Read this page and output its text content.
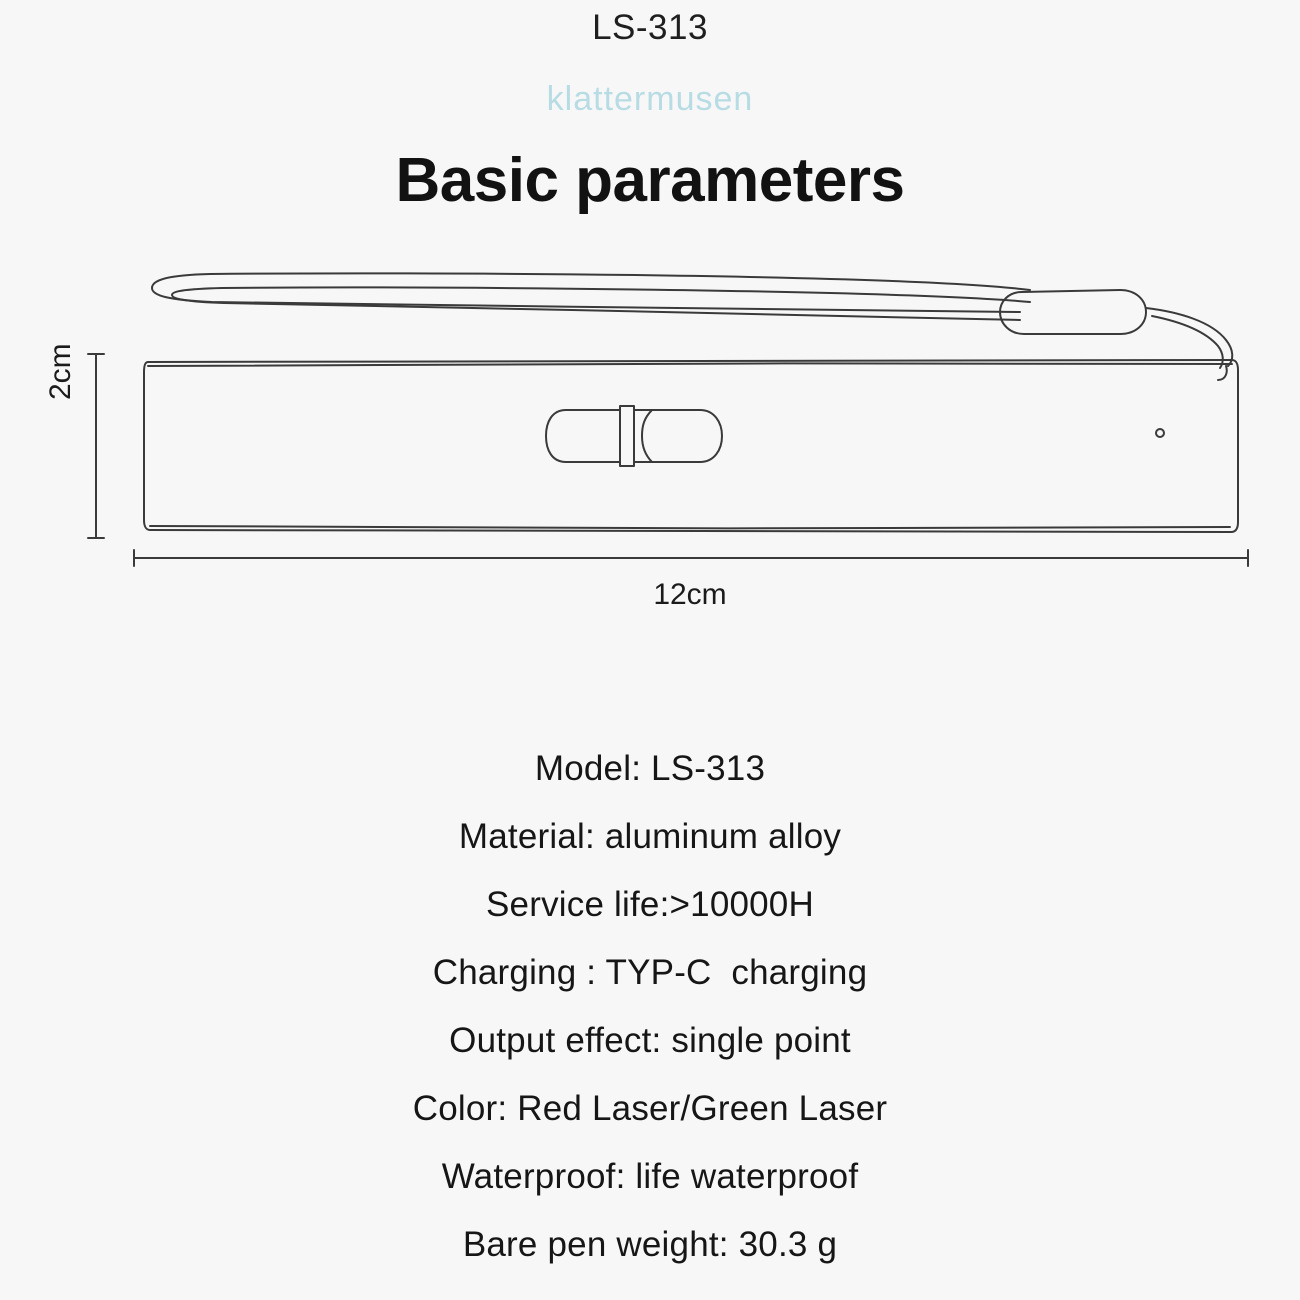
LS-313
klattermusen
Basic parameters
2cm
12cm
Model: LS-313
Material: aluminum alloy
Service life:>10000H
Charging : TYP-C  charging
Output effect: single point
Color: Red Laser/Green Laser
Waterproof: life waterproof
Bare pen weight: 30.3 g
